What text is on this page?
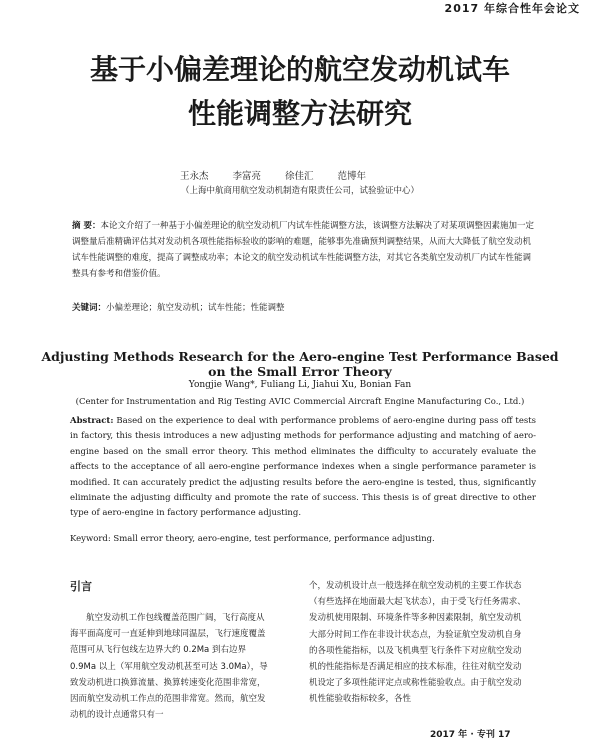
2017 年综合性年会论文
基于小偏差理论的航空发动机试车
性能调整方法研究
王永杰	李富亮	徐佳汇	范博年
（上海中航商用航空发动机制造有限责任公司，试验验证中心）
摘 要：本论文介绍了一种基于小偏差理论的航空发动机厂内试车性能调整方法，该调整方法解决了对某项调整因素施加一定调整量后准精确评估其对发动机各项性能指标验收的影响的难题，能够事先准确预判调整结果，从而大大降低了航空发动机试车性能调整的难度，提高了调整成功率；本论文的航空发动机试车性能调整方法，对其它各类航空发动机厂内试车性能调整具有参考和借鉴价值。
关键词：小偏差理论；航空发动机；试车性能；性能调整
Adjusting Methods Research for the Aero-engine Test Performance Based
on the Small Error Theory
Yongjie Wang*, Fuliang Li, Jiahui Xu, Bonian Fan
(Center for Instrumentation and Rig Testing AVIC Commercial Aircraft Engine Manufacturing Co., Ltd.)
Abstract: Based on the experience to deal with performance problems of aero-engine during pass off tests in factory, this thesis introduces a new adjusting methods for performance adjusting and matching of aero-engine based on the small error theory. This method eliminates the difficulty to accurately evaluate the affects to the acceptance of all aero-engine performance indexes when a single performance parameter is modified. It can accurately predict the adjusting results before the aero-engine is tested, thus, significantly eliminate the adjusting difficulty and promote the rate of success. This thesis is of great directive to other type of aero-engine in factory performance adjusting.
Keyword: Small error theory, aero-engine, test performance, performance adjusting.
引言
航空发动机工作包线覆盖范围广阔，飞行高度从海平面高度可一直延伸到地球同温层，飞行速度覆盖范围可从飞行包线左边界大约 0.2Ma 到右边界 0.9Ma 以上（军用航空发动机甚至可达 3.0Ma），导致发动机进口换算流量、换算转速变化范围非常宽，因而航空发动机工作点的范围非常宽。然而，航空发动机的设计点通常只有一
个，发动机设计点一般选择在航空发动机的主要工作状态（有些选择在地面最大起飞状态），由于受飞行任务需求、发动机使用限制、环境条件等多种因素限制，航空发动机大部分时间工作在非设计状态点，为验证航空发动机自身的各项性能指标，以及飞机典型飞行条件下对应航空发动机的性能指标是否满足相应的技术标准，往往对航空发动机设定了多项性能评定点或称性能验收点。由于航空发动机性能验收指标较多，各性
2017 年 · 专刊 17
